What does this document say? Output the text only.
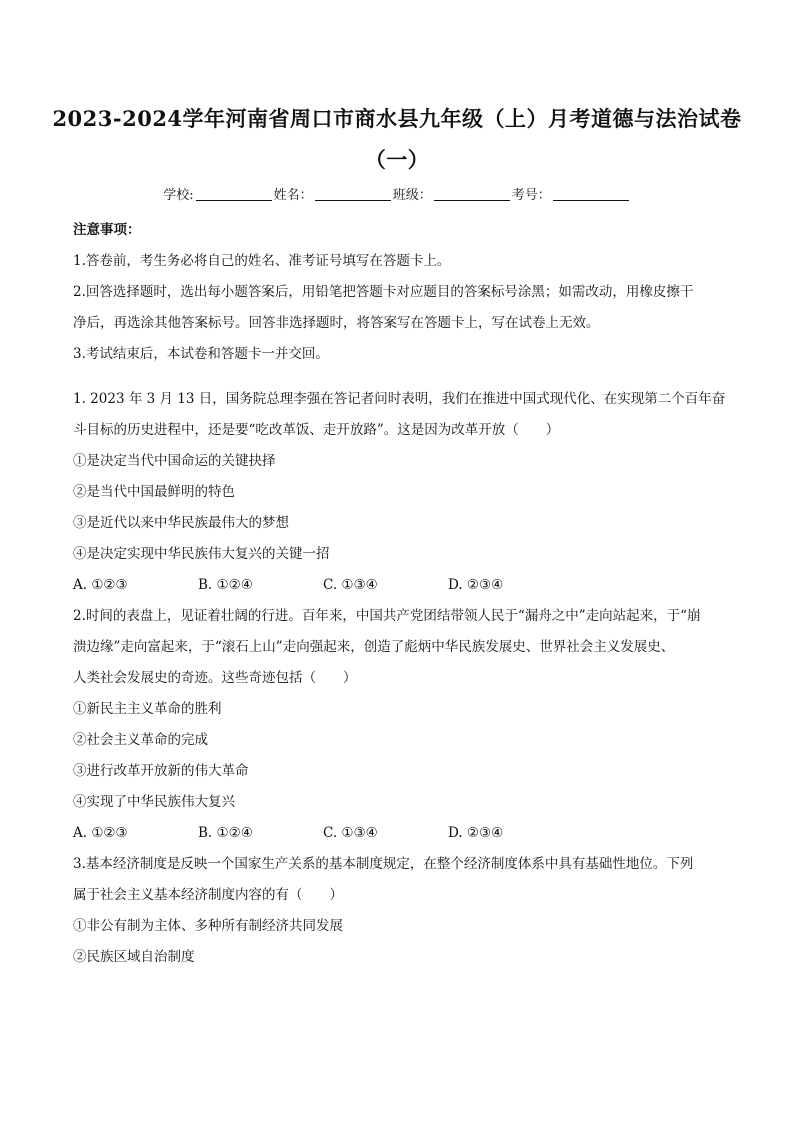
2023-2024学年河南省周口市商水县九年级（上）月考道德与法治试卷
（一）
学校:	姓名：	班级：	考号：
注意事项：
1.答卷前，考生务必将自己的姓名、准考证号填写在答题卡上。
2.回答选择题时，选出每小题答案后，用铅笔把答题卡对应题目的答案标号涂黑；如需改动，用橡皮擦干
净后，再选涂其他答案标号。回答非选择题时，将答案写在答题卡上，写在试卷上无效。
3.考试结束后，本试卷和答题卡一并交回。
1. 2023 年 3 月 13 日，国务院总理李强在答记者问时表明，我们在推进中国式现代化、在实现第二个百年奋
斗目标的历史进程中，还是要“吃改革饭、走开放路”。这是因为改革开放（　　）
①是决定当代中国命运的关键抉择
②是当代中国最鲜明的特色
③是近代以来中华民族最伟大的梦想
④是决定实现中华民族伟大复兴的关键一招
A. ①②③	B. ①②④	C. ①③④	D. ②③④
2.时间的表盘上，见证着壮阔的行进。百年来，中国共产党团结带领人民于“漏舟之中”走向站起来，于“崩
溃边缘”走向富起来，于“滚石上山”走向强起来，创造了彪炳中华民族发展史、世界社会主义发展史、
人类社会发展史的奇迹。这些奇迹包括（　　）
①新民主主义革命的胜利
②社会主义革命的完成
③进行改革开放新的伟大革命
④实现了中华民族伟大复兴
A. ①②③	B. ①②④	C. ①③④	D. ②③④
3.基本经济制度是反映一个国家生产关系的基本制度规定，在整个经济制度体系中具有基础性地位。下列
属于社会主义基本经济制度内容的有（　　）
①非公有制为主体、多种所有制经济共同发展
②民族区域自治制度
